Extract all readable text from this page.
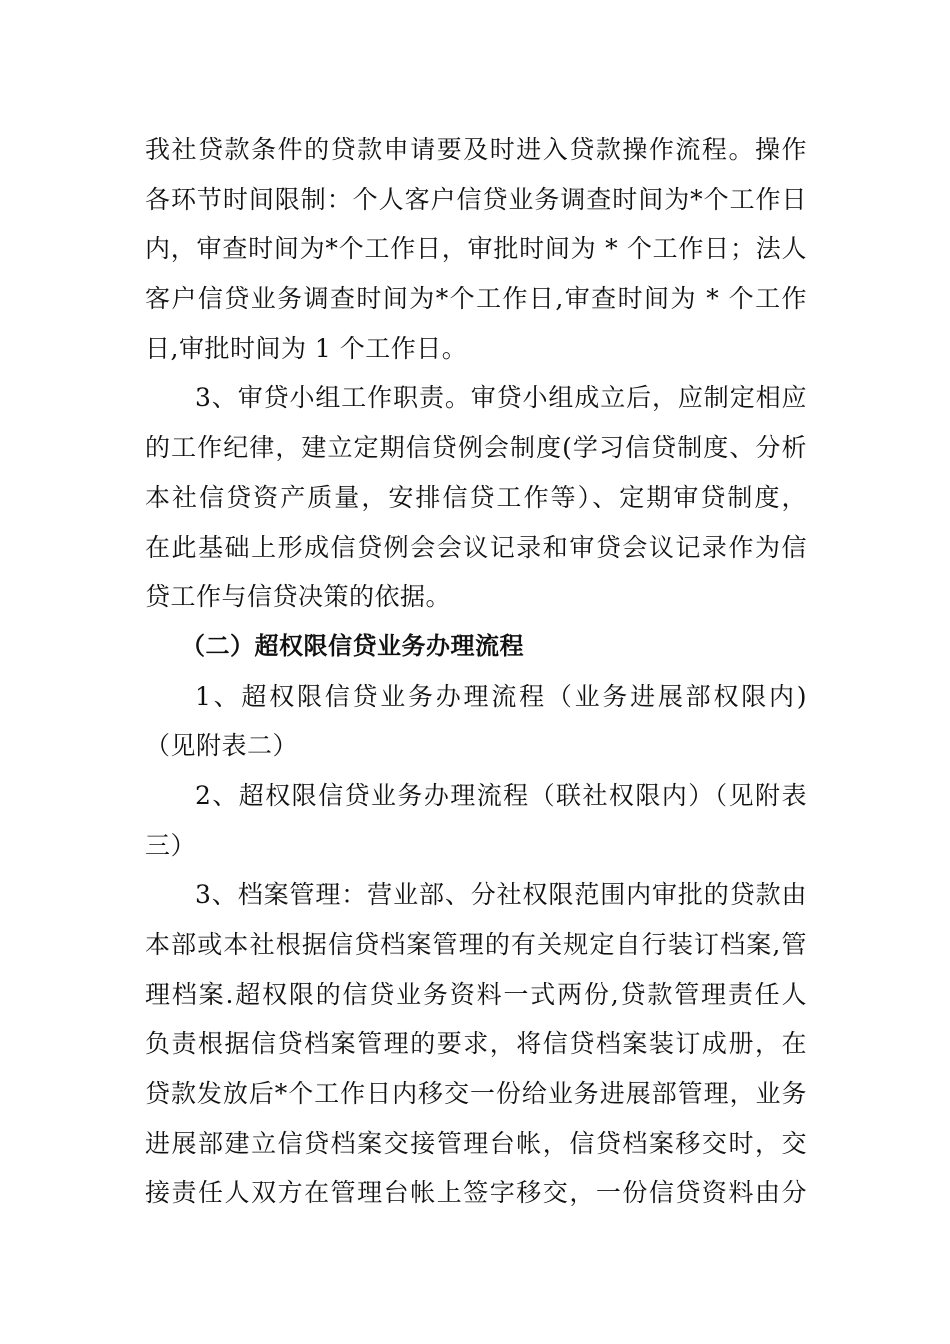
我社贷款条件的贷款申请要及时进入贷款操作流程。操作
各环节时间限制：个人客户信贷业务调查时间为*个工作日
内，审查时间为*个工作日，审批时间为 * 个工作日；法人
客户信贷业务调查时间为*个工作日,审查时间为 * 个工作
日,审批时间为 1 个工作日。
3、审贷小组工作职责。审贷小组成立后，应制定相应
的工作纪律，建立定期信贷例会制度(学习信贷制度、分析
本社信贷资产质量，安排信贷工作等）、定期审贷制度，
在此基础上形成信贷例会会议记录和审贷会议记录作为信
贷工作与信贷决策的依据。
（二）超权限信贷业务办理流程
1、超权限信贷业务办理流程（业务进展部权限内)
（见附表二）
2、超权限信贷业务办理流程（联社权限内）（见附表
三）
3、档案管理：营业部、分社权限范围内审批的贷款由
本部或本社根据信贷档案管理的有关规定自行装订档案,管
理档案.超权限的信贷业务资料一式两份,贷款管理责任人
负责根据信贷档案管理的要求，将信贷档案装订成册，在
贷款发放后*个工作日内移交一份给业务进展部管理，业务
进展部建立信贷档案交接管理台帐，信贷档案移交时，交
接责任人双方在管理台帐上签字移交，一份信贷资料由分
